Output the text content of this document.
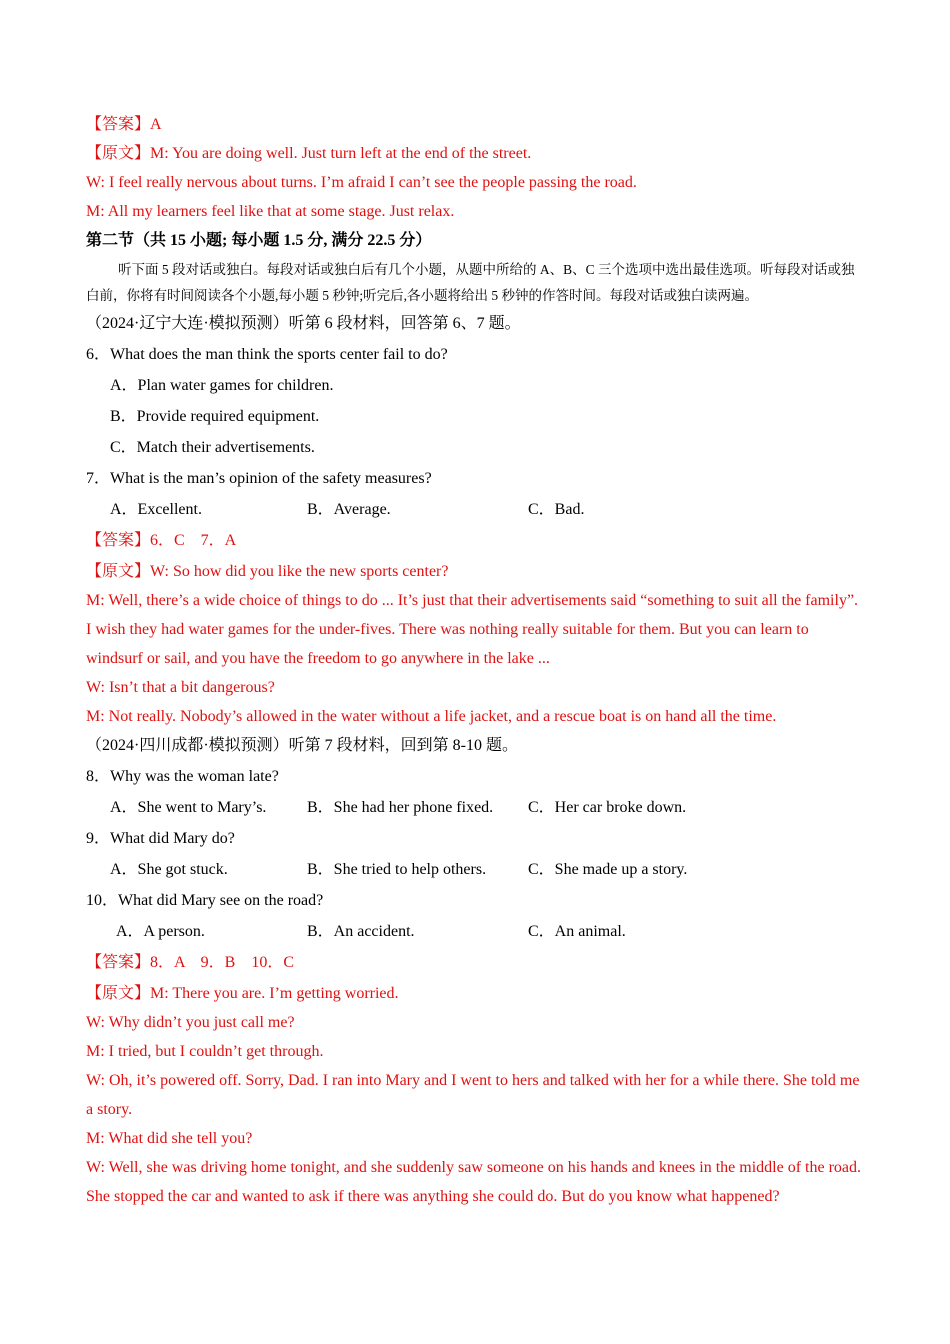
【答案】A
【原文】M: You are doing well. Just turn left at the end of the street.
W: I feel really nervous about turns. I’m afraid I can’t see the people passing the road.
M: All my learners feel like that at some stage. Just relax.
第二节（共 15 小题; 每小题 1.5 分, 满分 22.5 分）
听下面 5 段对话或独白。每段对话或独白后有几个小题，从题中所给的 A、B、C 三个选项中选出最佳选项。听每段对话或独白前，你将有时间阅读各个小题,每小题 5 秒钟;听完后,各小题将给出 5 秒钟的作答时间。每段对话或独白读两遍。
（2024·辽宁大连·模拟预测）听第 6 段材料，回答第 6、7 题。
6．What does the man think the sports center fail to do?
A．Plan water games for children.
B．Provide required equipment.
C．Match their advertisements.
7．What is the man’s opinion of the safety measures?
A．Excellent.	B．Average.	C．Bad.
【答案】6．C　7．A
【原文】W: So how did you like the new sports center?
M: Well, there’s a wide choice of things to do ... It’s just that their advertisements said “something to suit all the family”. I wish they had water games for the under-fives. There was nothing really suitable for them. But you can learn to windsurf or sail, and you have the freedom to go anywhere in the lake ...
W: Isn’t that a bit dangerous?
M: Not really. Nobody’s allowed in the water without a life jacket, and a rescue boat is on hand all the time.
（2024·四川成都·模拟预测）听第 7 段材料，回到第 8-10 题。
8．Why was the woman late?
A．She went to Mary’s.	B．She had her phone fixed.	C．Her car broke down.
9．What did Mary do?
A．She got stuck.	B．She tried to help others.	C．She made up a story.
10．What did Mary see on the road?
A．A person.	B．An accident.	C．An animal.
【答案】8．A　9．B　10．C
【原文】M: There you are. I’m getting worried.
W: Why didn’t you just call me?
M: I tried, but I couldn’t get through.
W: Oh, it’s powered off. Sorry, Dad. I ran into Mary and I went to hers and talked with her for a while there. She told me a story.
M: What did she tell you?
W: Well, she was driving home tonight, and she suddenly saw someone on his hands and knees in the middle of the road. She stopped the car and wanted to ask if there was anything she could do. But do you know what happened?
